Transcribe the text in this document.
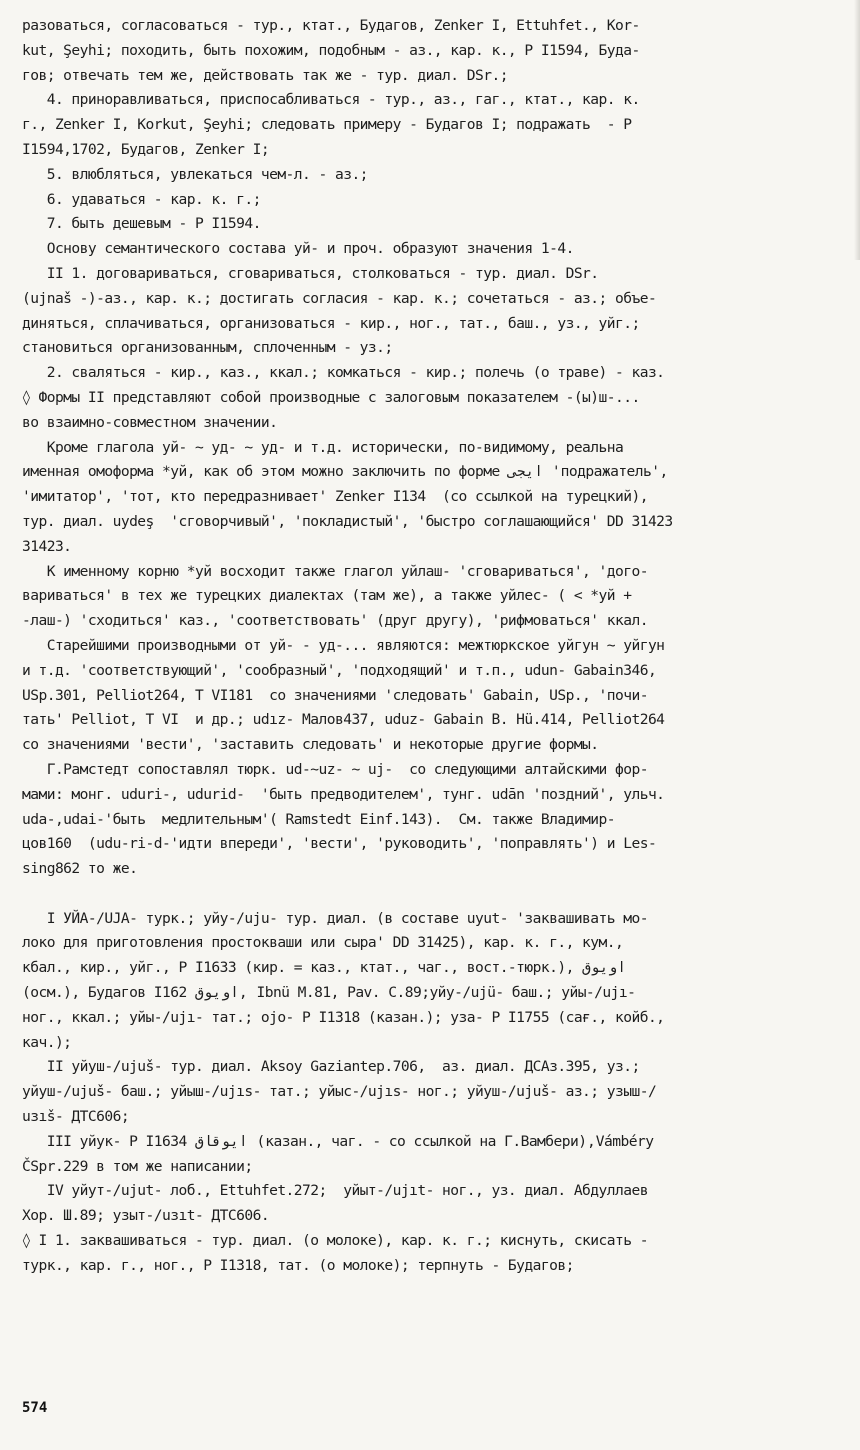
разоваться, согласоваться - тур., ктат., Будагов, Zenker I, Ettuhfet., Kor-
kut, Şeyhi; походить, быть похожим, подобным - аз., кар. к., Р I1594, Буда-
гов; отвечать тем же, действовать так же - тур. диал. DSr.;
4. приноравливаться, приспосабливаться - тур., аз., гаг., ктат., кар. к.
г., Zenker I, Korkut, Şeyhi; следовать примеру - Будагов I; подражать  - Р
I1594,1702, Будагов, Zenker I;
5. влюбляться, увлекаться чем-л. - аз.;
6. удаваться - кар. к. г.;
7. быть дешевым - Р I1594.
Основу семантического состава уй- и проч. образуют значения 1-4.
II 1. договариваться, сговариваться, столковаться - тур. диал. DSr.
(ujnaš -)-аз., кар. к.; достигать согласия - кар. к.; сочетаться - аз.; объе-
диняться, сплачиваться, организоваться - кир., ног., тат., баш., уз., уйг.;
становиться организованным, сплоченным - уз.;
2. сваляться - кир., каз., ккал.; комкаться - кир.; полечь (о траве) - каз.
◊ Формы II представляют собой производные с залоговым показателем -(ы)ш-...
во взаимно-совместном значении.
Кроме глагола уй- ~ уд- ~ уд- и т.д. исторически, по-видимому, реальна
именная омоформа *уй, как об этом можно заключить по форме ايجى 'подражатель',
'имитатор', 'тот, кто передразнивает' Zenker I134  (со ссылкой на турецкий),
тур. диал. uydeş  'сговорчивый', 'покладистый', 'быстро соглашающийся' DD 31423
31423.
К именному корню *уй восходит также глагол уйлаш- 'сговариваться', 'дого-
вариваться' в тех же турецких диалектах (там же), а также уйлес- ( < *уй +
-лаш-) 'сходиться' каз., 'соответствовать' (друг другу), 'рифмоваться' ккал.
Старейшими производными от уй- - уд-... являются: межтюркское уйгун ~ уйгун
и т.д. 'соответствующий', 'сообразный', 'подходящий' и т.п., udun- Gabain346,
USp.301, Pelliot264, T VI181  со значениями 'следовать' Gabain, USp., 'почи-
тать' Pelliot, T VI  и др.; udız- Малов437, uduz- Gabain B. Hü.414, Pelliot264
со значениями 'вести', 'заставить следовать' и некоторые другие формы.
Г.Рамстедт сопоставлял тюрк. ud-~uz- ~ uj-  со следующими алтайскими фор-
мами: монг. uduri-, udurid-  'быть предводителем', тунг. udān 'поздний', ульч.
uda-,udai-'быть  медлительным'( Ramstedt Einf.143).  См. также Владимир-
цов160  (udu-ri-d-'идти впереди', 'вести', 'руководить', 'поправлять') и Les-
sing862 то же.
I УЙА-/UJA- турк.; уйу-/uju- тур. диал. (в составе uyut- 'заквашивать мо-
локо для приготовления простокваши или сыра' DD 31425), кар. к. г., кум.,
кбал., кир., уйг., Р I1633 (кир. = каз., ктат., чаг., вост.-тюрк.), اويوق
(осм.), Будагов I162 اويوق, Ibnü M.81, Pav. C.89;уйу-/ujü- баш.; уйы-/ujı-
ног., ккал.; уйы-/ujı- тат.; ојо- Р I1318 (казан.); уза- Р I1755 (сағ., койб.,
кач.);
II уйуш-/ujuš- тур. диал. Aksoy Gaziantep.706,  аз. диал. ДСАз.395, уз.;
уйуш-/ujuš- баш.; уйыш-/ujıs- тат.; уйыс-/ujıs- ног.; уйуш-/ujuš- аз.; узыш-/
uзıš- ДТС606;
III уйук- Р I1634 ايوقاق (казан., чаг. - со ссылкой на Г.Вамбери),Vámbéry
ČSpr.229 в том же написании;
IV уйут-/ujut- лоб., Ettuhfet.272;  уйыт-/ujıt- ног., уз. диал. Абдуллаев
Хор. Ш.89; узыт-/uзıt- ДТС606.
◊ I 1. заквашиваться - тур. диал. (о молоке), кар. к. г.; киснуть, скисать -
турк., кар. г., ног., Р I1318, тат. (о молоке); терпнуть - Будагов;
574
